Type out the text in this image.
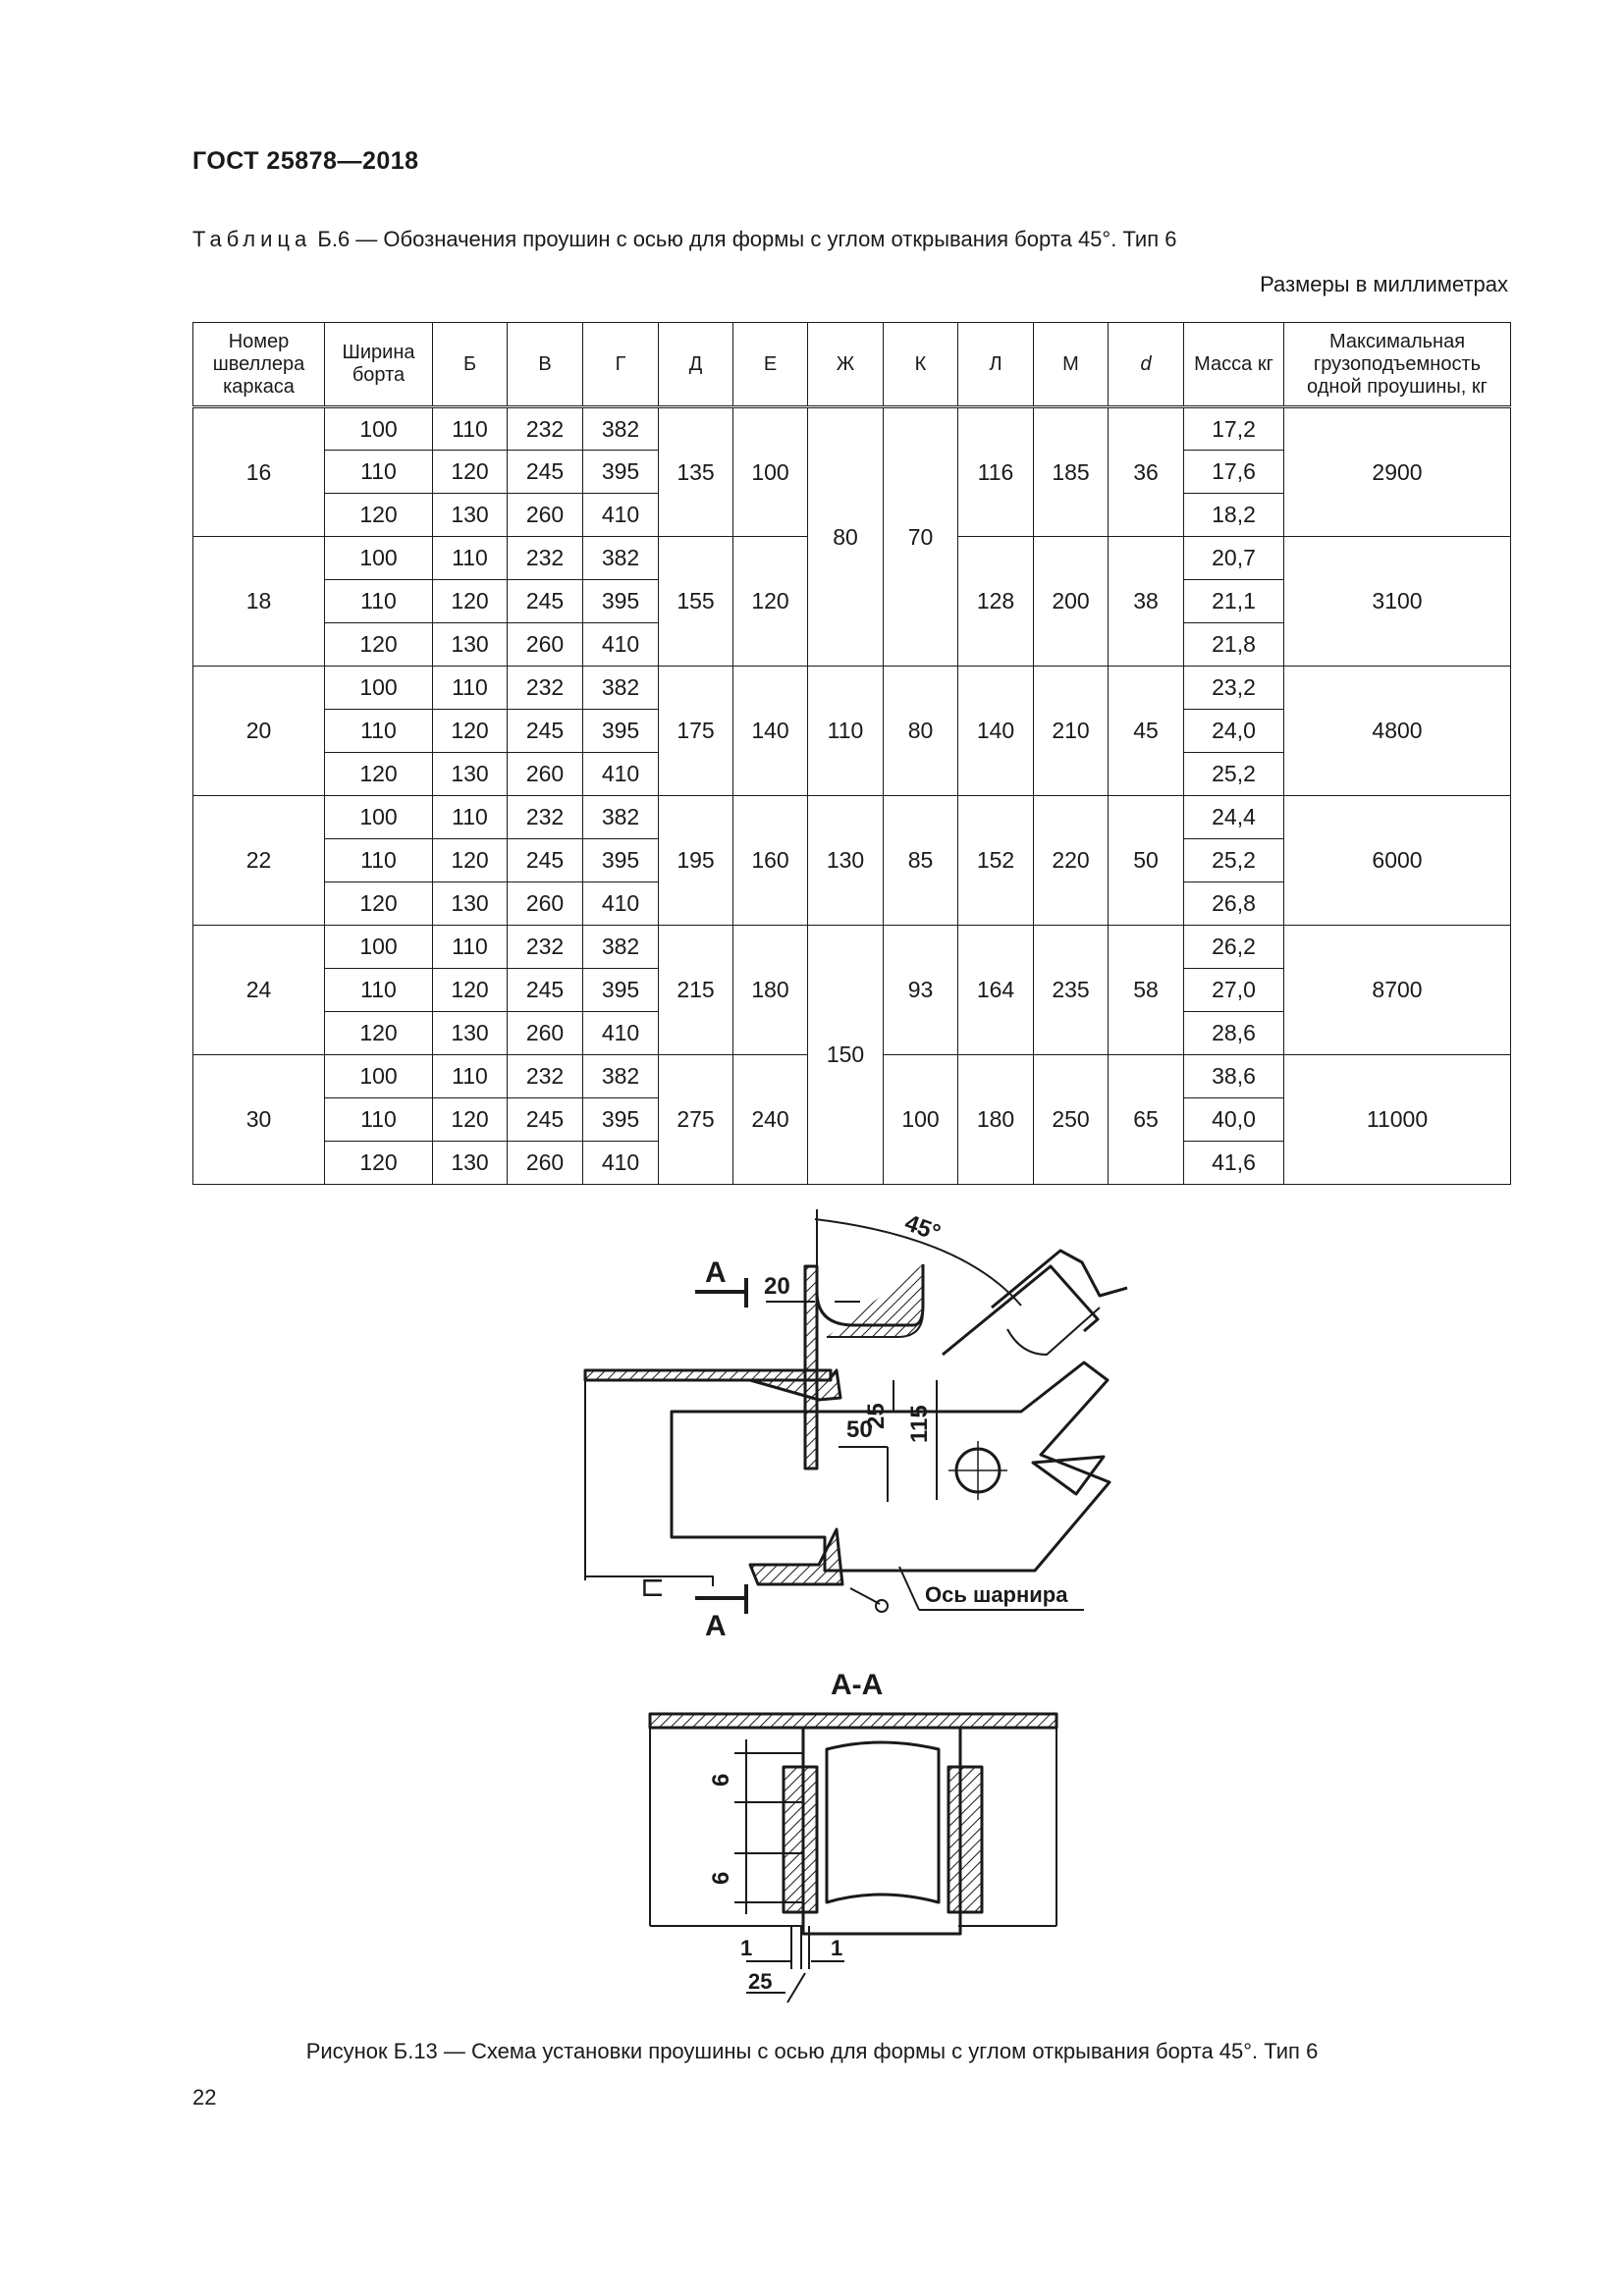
ГОСТ 25878—2018
Таблица Б.6 — Обозначения проушин с осью для формы с углом открывания борта 45°. Тип 6
Размеры в миллиметрах
Номер швеллера каркаса	Ширина борта	Б	В	Г	Д	Е	Ж	К	Л	М	d	Масса кг	Максимальная грузоподъемность одной проушины, кг
16	100	110	232	382	135	100	80	70	116	185	36	17,2	2900
	110	120	245	395								17,6	
	120	130	260	410								18,2	
18	100	110	232	382	155	120			128	200	38	20,7	3100
	110	120	245	395								21,1	
	120	130	260	410								21,8	
20	100	110	232	382	175	140	110	80	140	210	45	23,2	4800
	110	120	245	395								24,0	
	120	130	260	410								25,2	
22	100	110	232	382	195	160	130	85	152	220	50	24,4	6000
	110	120	245	395								25,2	
	120	130	260	410								26,8	
24	100	110	232	382	215	180	150	93	164	235	58	26,2	8700
	110	120	245	395								27,0	
	120	130	260	410								28,6	
30	100	110	232	382	275	240		100	180	250	65	38,6	11000
	110	120	245	395								40,0	
	120	130	260	410								41,6	
45°
20
25 115
50
А
А
⊏	Ось шарнира
А-А
6
6
1	1
25
Рисунок Б.13 — Схема установки проушины с осью для формы с углом открывания борта 45°. Тип 6
22
